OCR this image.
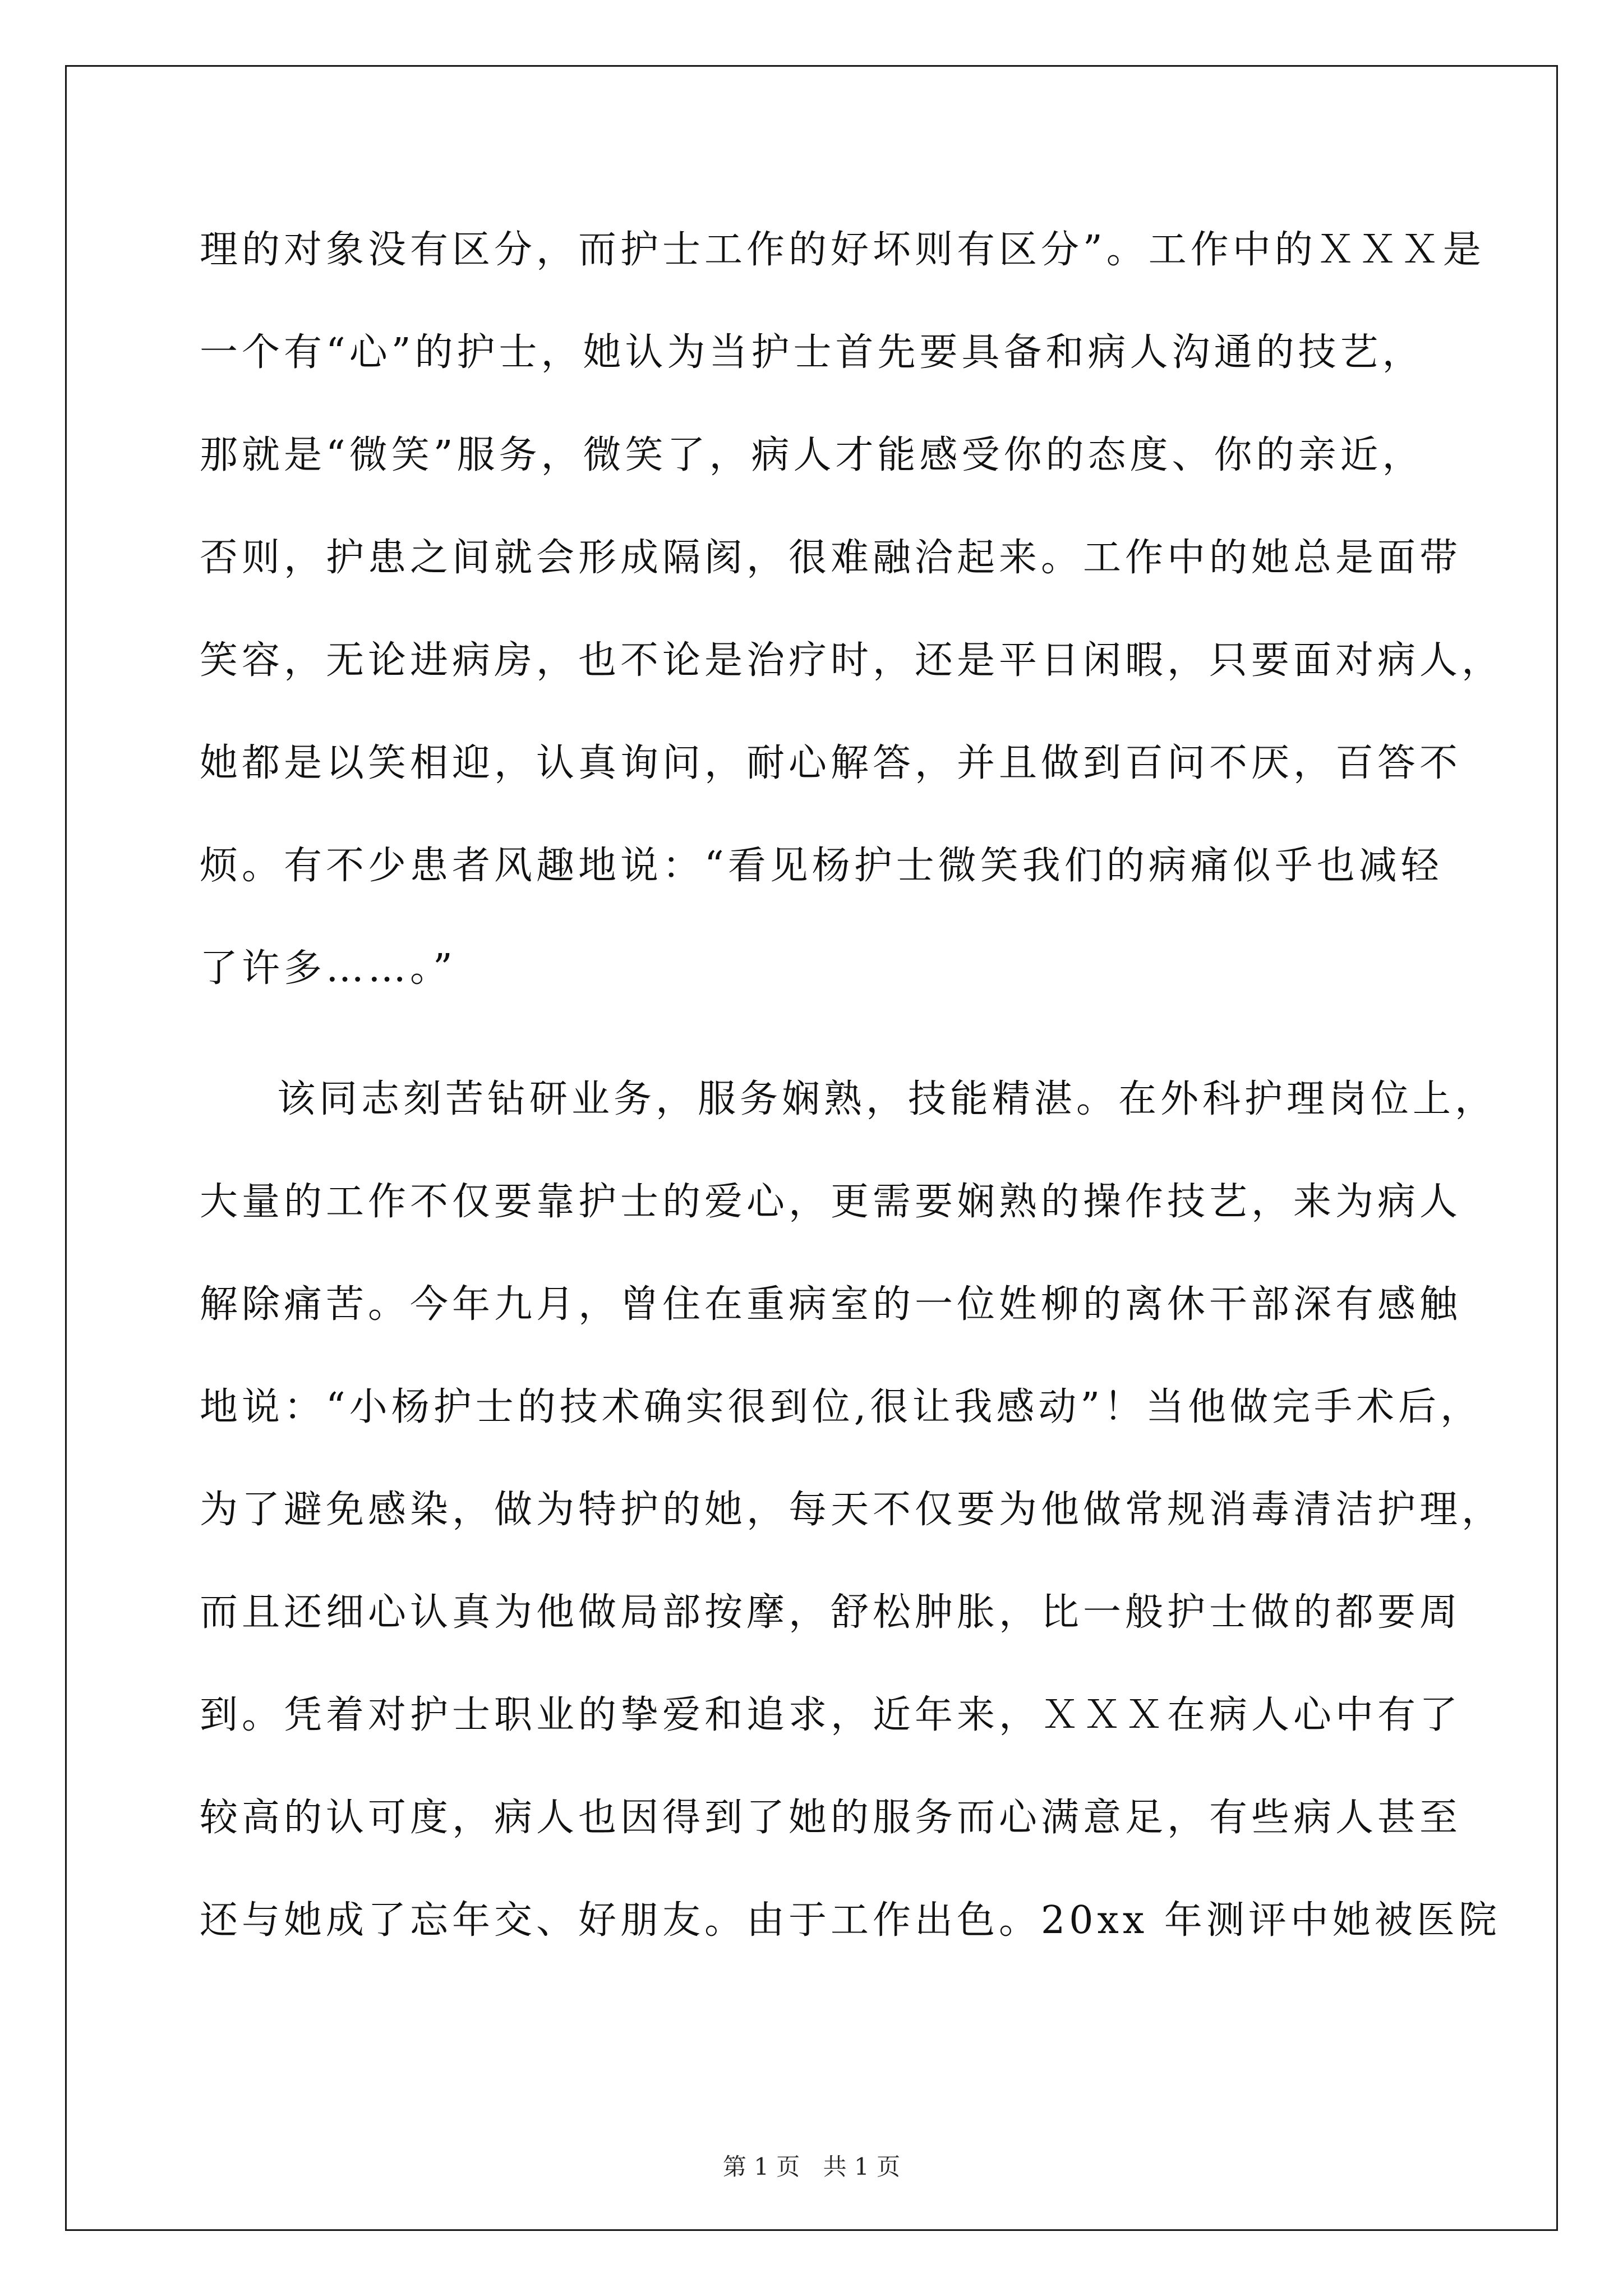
理的对象没有区分，而护士工作的好坏则有区分”。工作中的ＸＸＸ是
一个有“心”的护士，她认为当护士首先要具备和病人沟通的技艺，
那就是“微笑”服务，微笑了，病人才能感受你的态度、你的亲近，
否则，护患之间就会形成隔阂，很难融洽起来。工作中的她总是面带
笑容，无论进病房，也不论是治疗时，还是平日闲暇，只要面对病人，
她都是以笑相迎，认真询问，耐心解答，并且做到百问不厌，百答不
烦。有不少患者风趣地说：“看见杨护士微笑我们的病痛似乎也减轻
了许多……。”
该同志刻苦钻研业务，服务娴熟，技能精湛。在外科护理岗位上，
大量的工作不仅要靠护士的爱心，更需要娴熟的操作技艺，来为病人
解除痛苦。今年九月，曾住在重病室的一位姓柳的离休干部深有感触
地说：“小杨护士的技术确实很到位,很让我感动”！当他做完手术后，
为了避免感染，做为特护的她，每天不仅要为他做常规消毒清洁护理，
而且还细心认真为他做局部按摩，舒松肿胀，比一般护士做的都要周
到。凭着对护士职业的挚爱和追求，近年来，ＸＸＸ在病人心中有了
较高的认可度，病人也因得到了她的服务而心满意足，有些病人甚至
还与她成了忘年交、好朋友。由于工作出色。20xx 年测评中她被医院
第 1 页 共 1 页
